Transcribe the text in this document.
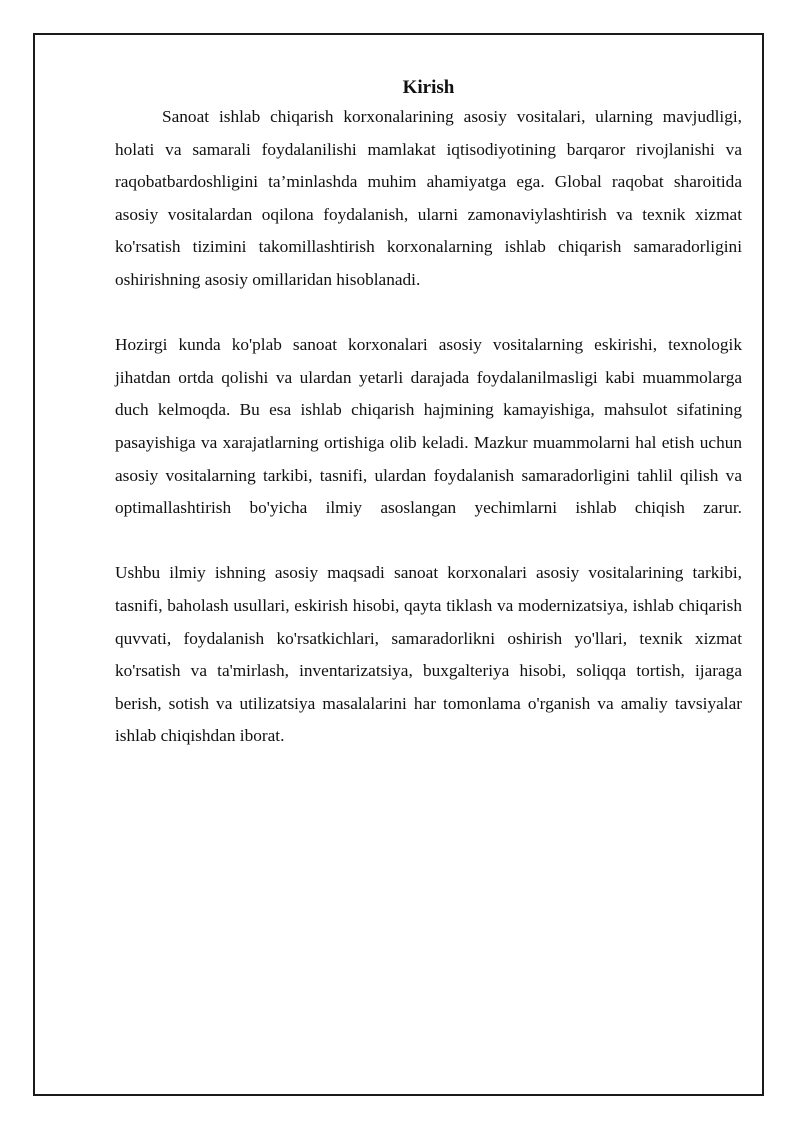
Kirish

Sanoat ishlab chiqarish korxonalarining asosiy vositalari, ularning mavjudligi, holati va samarali foydalanilishi mamlakat iqtisodiyotining barqaror rivojlanishi va raqobatbardoshligini ta’minlashda muhim ahamiyatga ega. Global raqobat sharoitida asosiy vositalardan oqilona foydalanish, ularni zamonaviylashtirish va texnik xizmat ko'rsatish tizimini takomillashtirish korxonalarning ishlab chiqarish samaradorligini oshirishning asosiy omillaridan hisoblanadi.

Hozirgi kunda ko'plab sanoat korxonalari asosiy vositalarning eskirishi, texnologik jihatdan ortda qolishi va ulardan yetarli darajada foydalanilmasligi kabi muammolarga duch kelmoqda. Bu esa ishlab chiqarish hajmining kamayishiga, mahsulot sifatining pasayishiga va xarajatlarning ortishiga olib keladi. Mazkur muammolarni hal etish uchun asosiy vositalarning tarkibi, tasnifi, ulardan foydalanish samaradorligini tahlil qilish va optimallashtirish bo'yicha ilmiy asoslangan yechimlarni ishlab chiqish zarur.

Ushbu ilmiy ishning asosiy maqsadi sanoat korxonalari asosiy vositalarining tarkibi, tasnifi, baholash usullari, eskirish hisobi, qayta tiklash va modernizatsiya, ishlab chiqarish quvvati, foydalanish ko'rsatkichlari, samaradorlikni oshirish yo'llari, texnik xizmat ko'rsatish va ta'mirlash, inventarizatsiya, buxgalteriya hisobi, soliqqa tortish, ijaraga berish, sotish va utilizatsiya masalalarini har tomonlama o'rganish va amaliy tavsiyalar ishlab chiqishdan iborat.
